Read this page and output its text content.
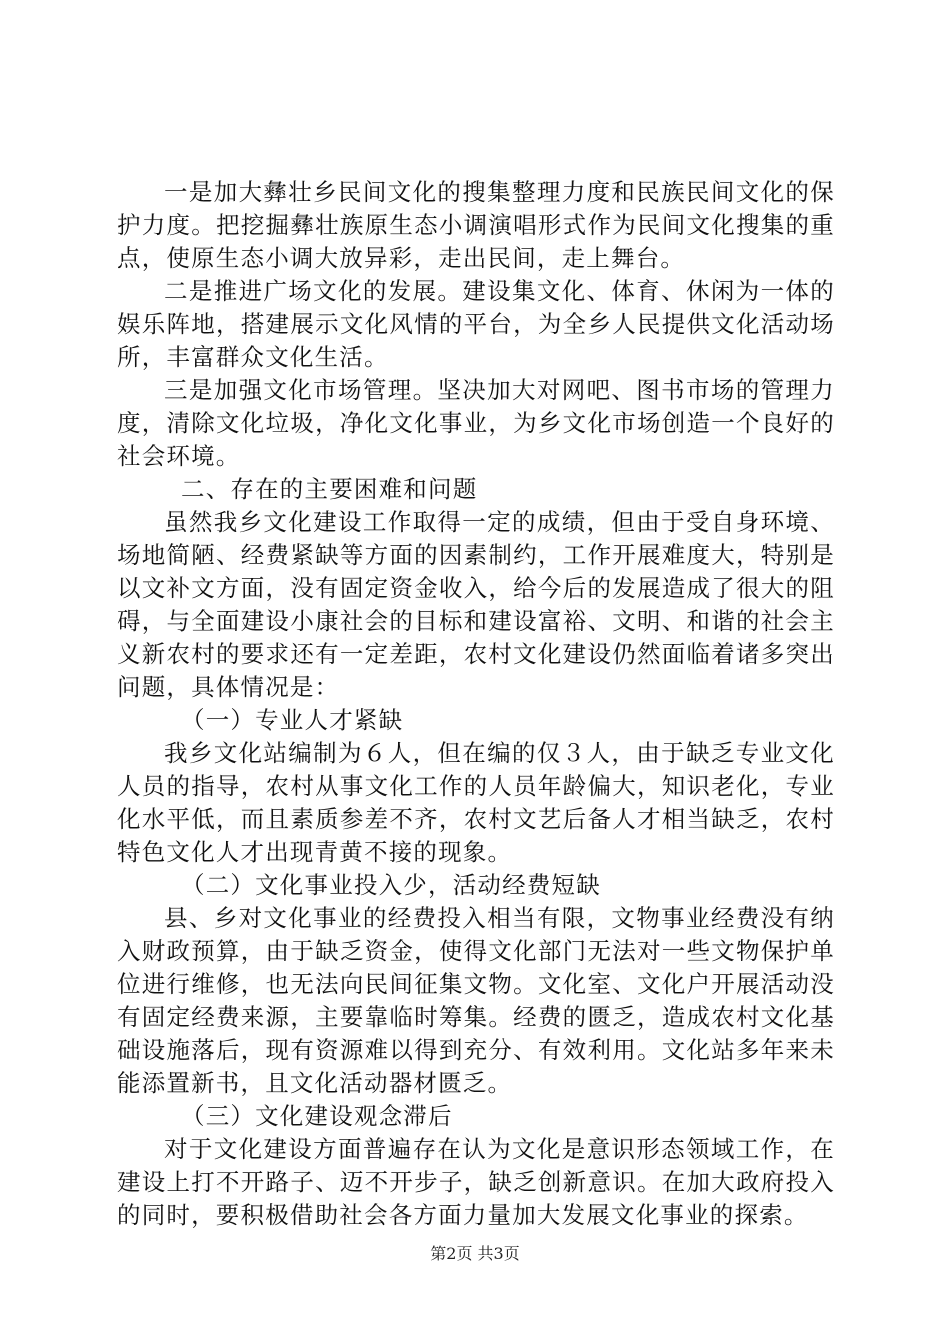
一是加大彝壮乡民间文化的搜集整理力度和民族民间文化的保护力度。把挖掘彝壮族原生态小调演唱形式作为民间文化搜集的重点，使原生态小调大放异彩，走出民间，走上舞台。

二是推进广场文化的发展。建设集文化、体育、休闲为一体的娱乐阵地，搭建展示文化风情的平台，为全乡人民提供文化活动场所，丰富群众文化生活。

三是加强文化市场管理。坚决加大对网吧、图书市场的管理力度，清除文化垃圾，净化文化事业，为乡文化市场创造一个良好的社会环境。

二、存在的主要困难和问题

虽然我乡文化建设工作取得一定的成绩，但由于受自身环境、场地简陋、经费紧缺等方面的因素制约，工作开展难度大，特别是以文补文方面，没有固定资金收入，给今后的发展造成了很大的阻碍，与全面建设小康社会的目标和建设富裕、文明、和谐的社会主义新农村的要求还有一定差距，农村文化建设仍然面临着诸多突出问题，具体情况是：

（一）专业人才紧缺

我乡文化站编制为６人，但在编的仅３人，由于缺乏专业文化人员的指导，农村从事文化工作的人员年龄偏大，知识老化，专业化水平低，而且素质参差不齐，农村文艺后备人才相当缺乏，农村特色文化人才出现青黄不接的现象。

（二）文化事业投入少，活动经费短缺

县、乡对文化事业的经费投入相当有限，文物事业经费没有纳入财政预算，由于缺乏资金，使得文化部门无法对一些文物保护单位进行维修，也无法向民间征集文物。文化室、文化户开展活动没有固定经费来源，主要靠临时筹集。经费的匮乏，造成农村文化基础设施落后，现有资源难以得到充分、有效利用。文化站多年来未能添置新书，且文化活动器材匮乏。

（三）文化建设观念滞后

对于文化建设方面普遍存在认为文化是意识形态领域工作，在建设上打不开路子、迈不开步子，缺乏创新意识。在加大政府投入的同时，要积极借助社会各方面力量加大发展文化事业的探索。

第2页 共3页
